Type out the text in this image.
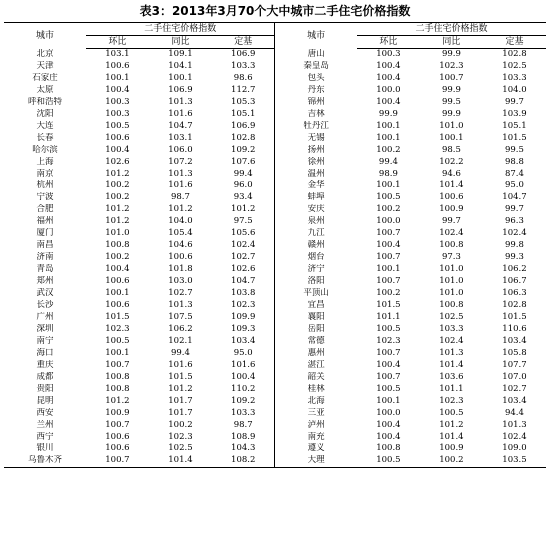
表3：2013年3月70个大中城市二手住宅价格指数
城市	二手住宅价格指数			城市	二手住宅价格指数		
	环比	同比	定基		环比	同比	定基
北京	103.1	109.1	106.9	唐山	100.3	99.9	102.8
天津	100.6	104.1	103.3	秦皇岛	100.4	102.3	102.5
石家庄	100.1	100.1	98.6	包头	100.4	100.7	103.3
太原	100.4	106.9	112.7	丹东	100.0	99.9	104.0
呼和浩特	100.3	101.3	105.3	锦州	100.4	99.5	99.7
沈阳	100.3	101.6	105.1	吉林	99.9	99.9	103.9
大连	100.5	104.7	106.9	牡丹江	100.1	101.0	105.1
长春	100.6	103.1	102.8	无锡	100.1	100.1	101.5
哈尔滨	100.4	106.0	109.2	扬州	100.2	98.5	99.5
上海	102.6	107.2	107.6	徐州	99.4	102.2	98.8
南京	101.2	101.3	99.4	温州	98.9	94.6	87.4
杭州	100.2	101.6	96.0	金华	100.1	101.4	95.0
宁波	100.2	98.7	93.4	蚌埠	100.5	100.6	104.7
合肥	101.2	101.2	101.2	安庆	100.2	100.9	99.7
福州	101.2	104.0	97.5	泉州	100.0	99.7	96.3
厦门	101.0	105.4	105.6	九江	100.7	102.4	102.4
南昌	100.8	104.6	102.4	赣州	100.4	100.8	99.8
济南	100.2	100.6	102.7	烟台	100.7	97.3	99.3
青岛	100.4	101.8	102.6	济宁	100.1	101.0	106.2
郑州	100.6	103.0	104.7	洛阳	100.7	101.0	106.7
武汉	100.1	102.7	103.8	平顶山	100.2	101.0	106.3
长沙	100.6	101.3	102.3	宜昌	101.5	100.8	102.8
广州	101.5	107.5	109.9	襄阳	101.1	102.5	101.5
深圳	102.3	106.2	109.3	岳阳	100.5	103.3	110.6
南宁	100.5	102.1	103.4	常德	102.3	102.4	103.4
海口	100.1	99.4	95.0	惠州	100.7	101.3	105.8
重庆	100.7	101.6	101.6	湛江	100.4	101.4	107.7
成都	100.8	101.5	100.4	韶关	100.7	103.6	107.0
贵阳	100.8	101.2	110.2	桂林	100.5	101.1	102.7
昆明	101.2	101.7	109.2	北海	100.1	102.3	103.4
西安	100.9	101.7	103.3	三亚	100.0	100.5	94.4
兰州	100.7	100.2	98.7	泸州	100.4	101.2	101.3
西宁	100.6	102.3	108.9	南充	100.4	101.4	102.4
银川	100.6	102.5	104.3	遵义	100.8	100.9	109.0
乌鲁木齐	100.7	101.4	108.2	大理	100.5	100.2	103.5
